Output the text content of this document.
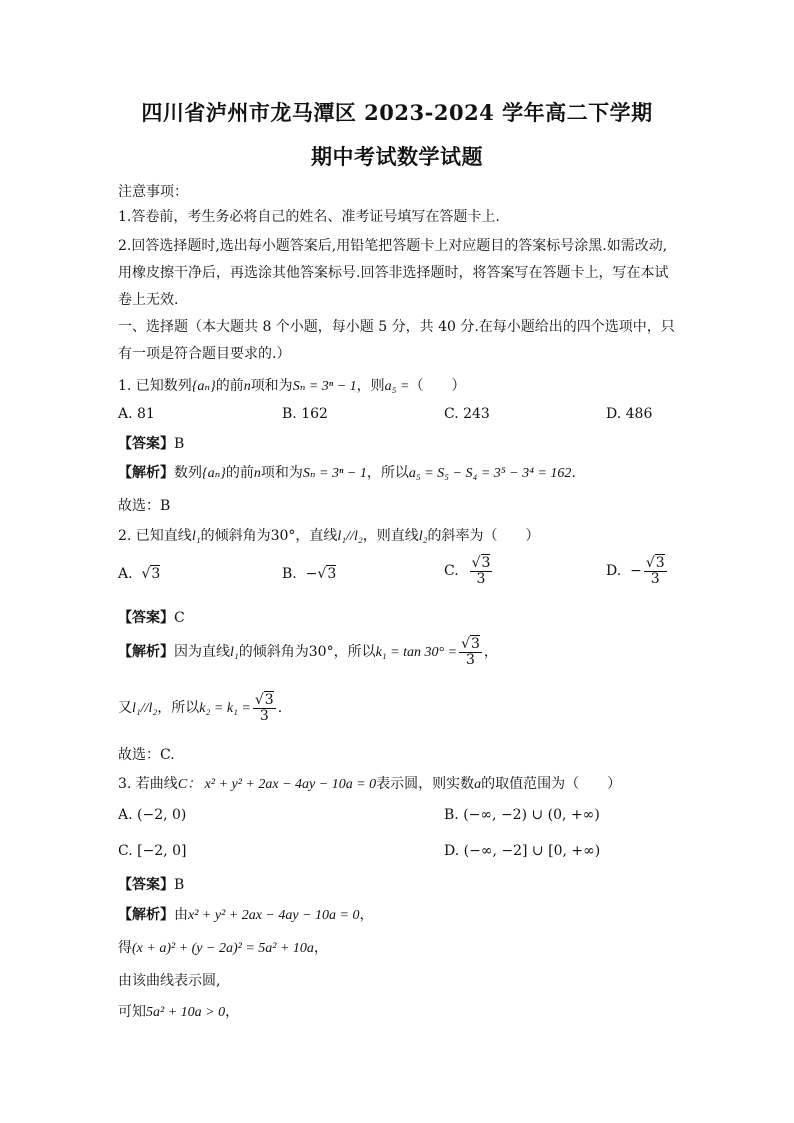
四川省泸州市龙马潭区 2023-2024 学年高二下学期
期中考试数学试题
注意事项：
1.答卷前，考生务必将自己的姓名、准考证号填写在答题卡上.
2.回答选择题时,选出每小题答案后,用铅笔把答题卡上对应题目的答案标号涂黑.如需改动,
用橡皮擦干净后，再选涂其他答案标号.回答非选择题时，将答案写在答题卡上，写在本试
卷上无效.
一、选择题（本大题共 8 个小题，每小题 5 分，共 40 分.在每小题给出的四个选项中，只
有一项是符合题目要求的.）
1. 已知数列{aₙ}的前n项和为Sₙ = 3ⁿ − 1，则a₅ =（　　）
A. 81	B. 162	C. 243	D. 486
【答案】B
【解析】数列{aₙ}的前n项和为Sₙ = 3ⁿ − 1，所以a₅ = S₅ − S₄ = 3⁵ − 3⁴ = 162.
故选：B
2. 已知直线l₁的倾斜角为30°，直线l₁//l₂，则直线l₂的斜率为（　　）
A. √3	B. −√3	C. $\frac{√3}{3}$	D. − $\frac{√3}{3}$
【答案】C
【解析】因为直线l₁的倾斜角为30°，所以$k_1 = \tan 30^\circ = \frac{√3}{3}$ ，
又l₁//l₂，所以$k_2 = k_1 = \frac{√3}{3}$ .
故选：C.
3. 若曲线C： x² + y² + 2ax − 4ay − 10a = 0表示圆，则实数a的取值范围为（　　）
A. (−2, 0)	B. (−∞, −2) ∪ (0, +∞)
C. [−2, 0]	D. (−∞, −2] ∪ [0, +∞)
【答案】B
【解析】由x² + y² + 2ax − 4ay − 10a = 0，
得(x + a)² + (y − 2a)² = 5a² + 10a，
由该曲线表示圆,
可知5a² + 10a > 0，
